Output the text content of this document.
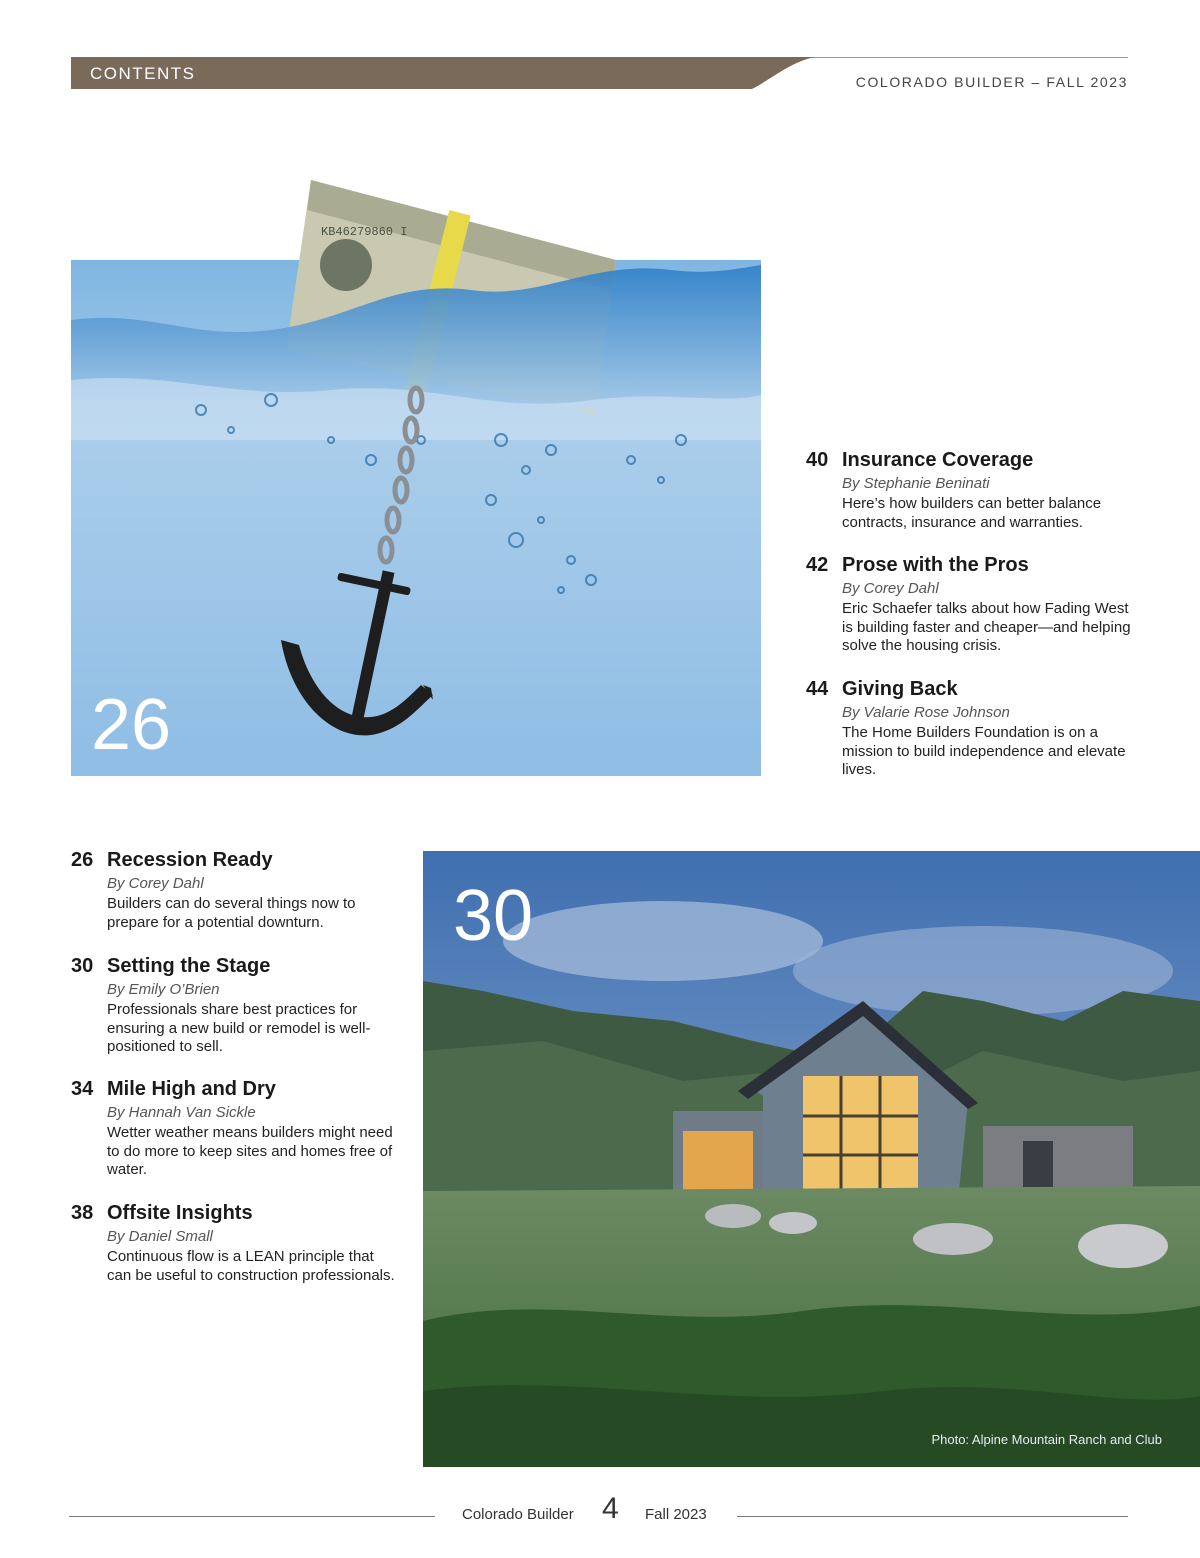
CONTENTS	COLORADO BUILDER – FALL 2023
KB46279860 I
26
30
Photo: Alpine Mountain Ranch and Club
40 Insurance Coverage
By Stephanie Beninati
Here’s how builders can better balance contracts, insurance and warranties.
42 Prose with the Pros
By Corey Dahl
Eric Schaefer talks about how Fading West is building faster and cheaper—and helping solve the housing crisis.
44 Giving Back
By Valarie Rose Johnson
The Home Builders Foundation is on a mission to build independence and elevate lives.
26 Recession Ready
By Corey Dahl
Builders can do several things now to prepare for a potential downturn.
30 Setting the Stage
By Emily O’Brien
Professionals share best practices for ensuring a new build or remodel is well-positioned to sell.
34 Mile High and Dry
By Hannah Van Sickle
Wetter weather means builders might need to do more to keep sites and homes free of water.
38 Offsite Insights
By Daniel Small
Continuous flow is a LEAN principle that can be useful to construction professionals.
Colorado Builder 4 Fall 2023
